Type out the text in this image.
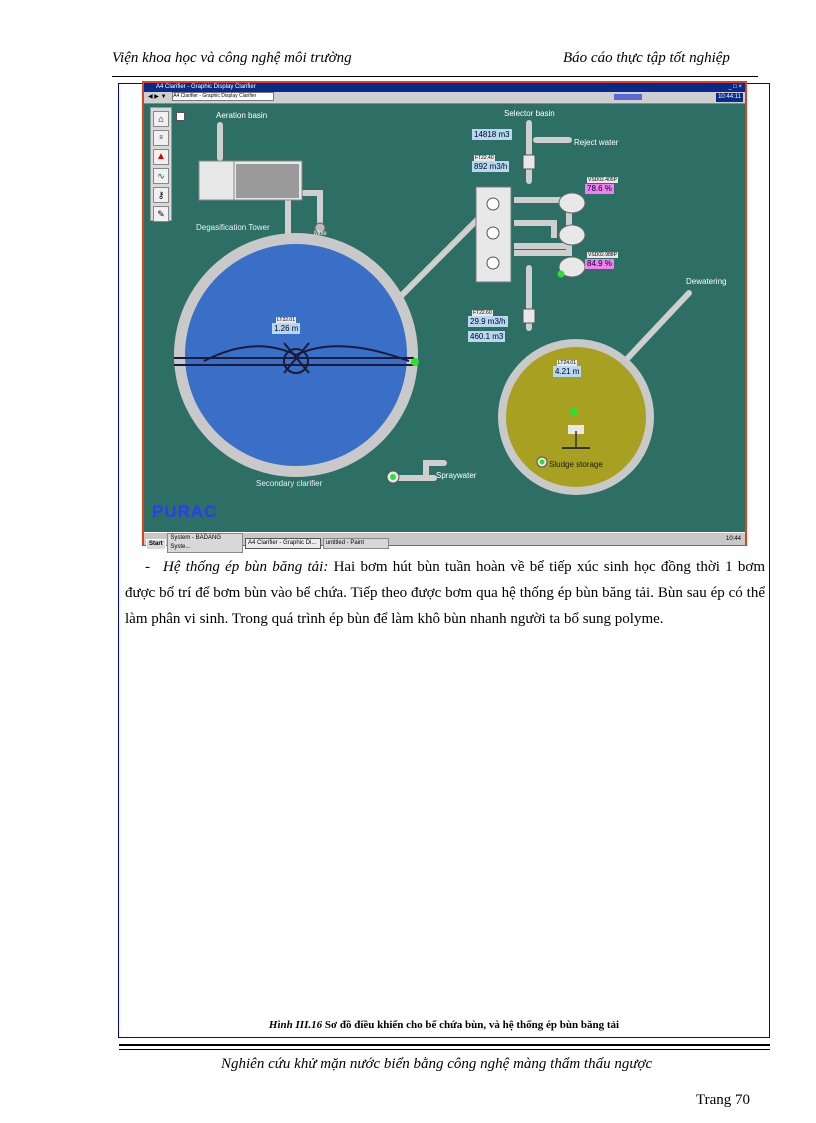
Viện khoa học và công nghệ môi trường	Báo cáo thực tập tốt nghiệp
A4 Clarifier - Graphic Display Clarifier	_ □ ×
◀ ▶ ▼ A4 Clarifier - Graphic Display Clarifier	10:44:11
⌂
≡
▲
∿
⚷
✎
Aeration basin	Selector basin
14818 m3
Reject water
FT22.40
892 m3/h
VSD02.405P
78.6 %
VSD02.988P
84.9 %
Degasification Tower
Mixe
Dewatering
FT22.60
29.9 m3/h
460.1 m3
LT22.01
1.26 m
LT24.01
4.21 m
Secondary clarifier
Sludge storage
Spraywater
PURAC
Start System - BADANG Syste... A4 Clarifier - Graphic Di... untitled - Paint
10:44
- Hệ thống ép bùn băng tải: Hai bơm hút bùn tuần hoàn về bể tiếp xúc sinh học đồng thời 1 bơm được bố trí để bơm bùn vào bể chứa. Tiếp theo được bơm qua hệ thống ép bùn băng tải. Bùn sau ép có thể làm phân vi sinh. Trong quá trình ép bùn để làm khô bùn nhanh người ta bổ sung polyme.
Hình III.16 Sơ đồ điều khiển cho bể chứa bùn, và hệ thống ép bùn băng tải
Nghiên cứu khử mặn nước biển bằng công nghệ màng thẩm thấu ngược
Trang 70
